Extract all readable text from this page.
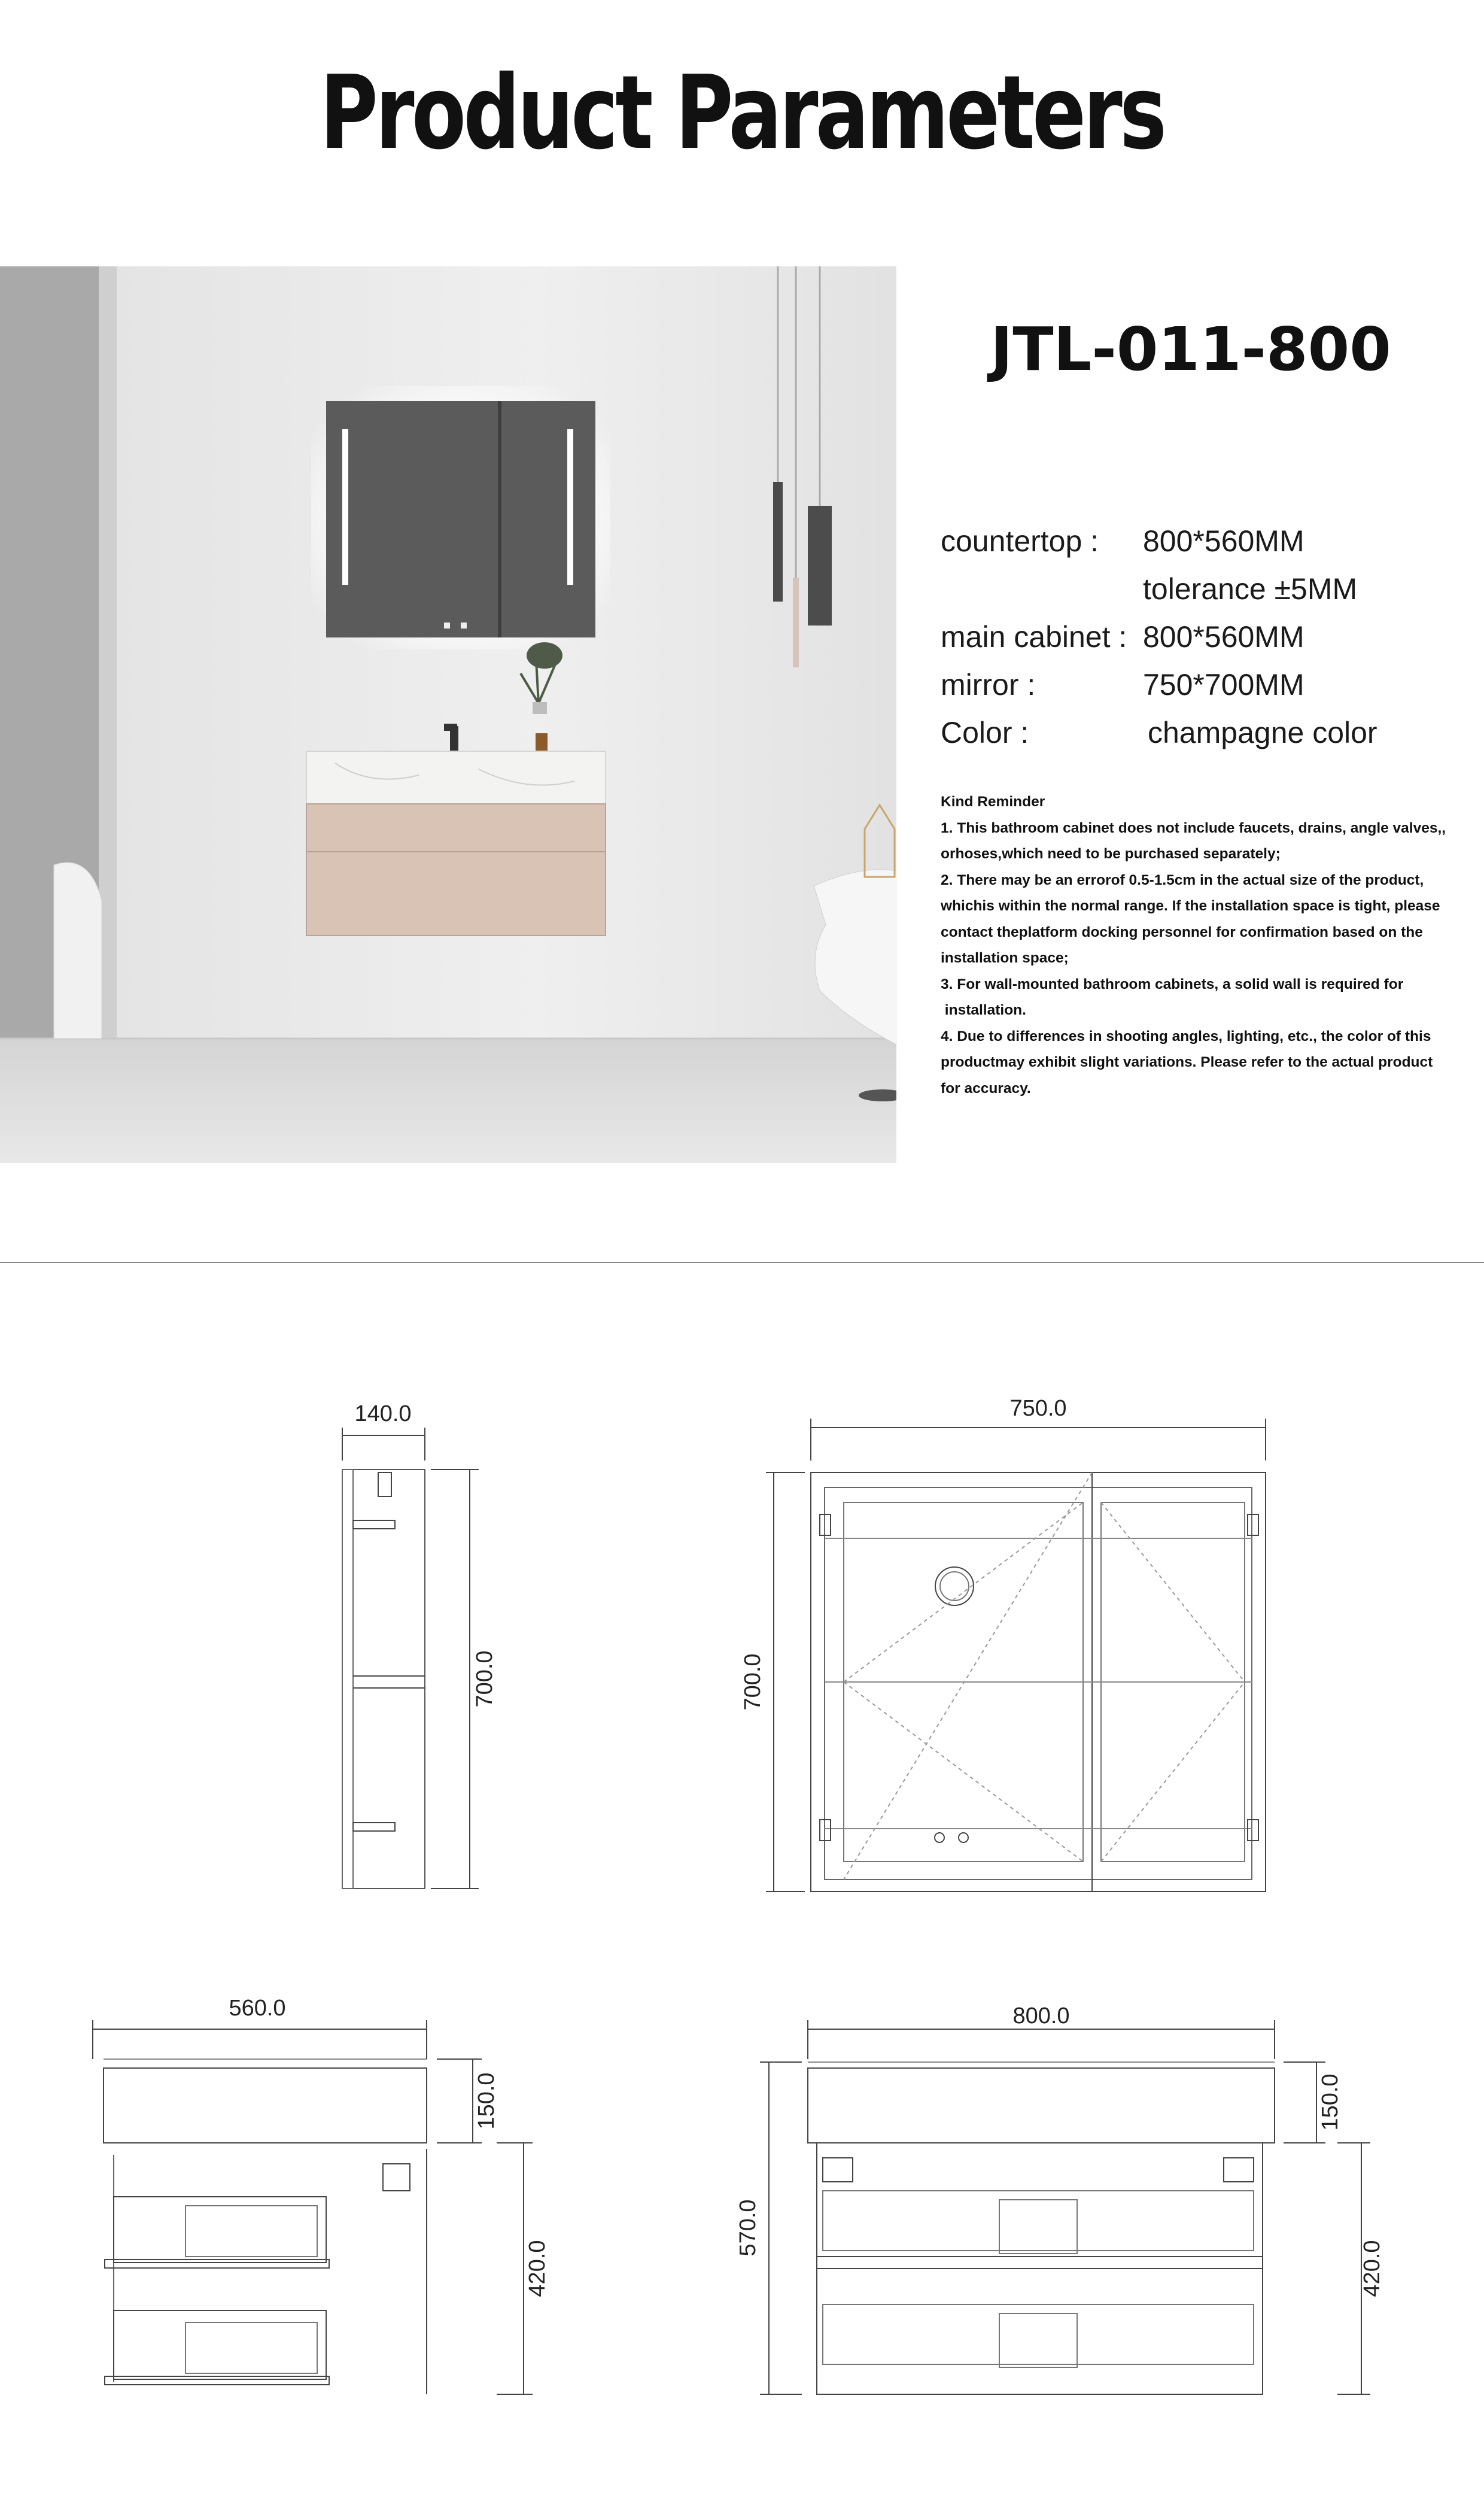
Product Parameters
JTL-011-800
countertop : 800*560MM
tolerance ±5MM
main cabinet : 800*560MM
mirror :	750*700MM
Color :	champagne color
Kind Reminder
1. This bathroom cabinet does not include faucets, drains, angle valves,,
orhoses,which need to be purchased separately;
2. There may be an errorof 0.5-1.5cm in the actual size of the product,
whichis within the normal range. If the installation space is tight, please
contact theplatform docking personnel for confirmation based on the
installation space;
3. For wall-mounted bathroom cabinets, a solid wall is required for
installation.
4. Due to differences in shooting angles, lighting, etc., the color of this
productmay exhibit slight variations. Please refer to the actual product
for accuracy.
140.0
700.0
750.0
700.0
560.0
150.0
420.0
800.0
570.0
150.0
420.0
